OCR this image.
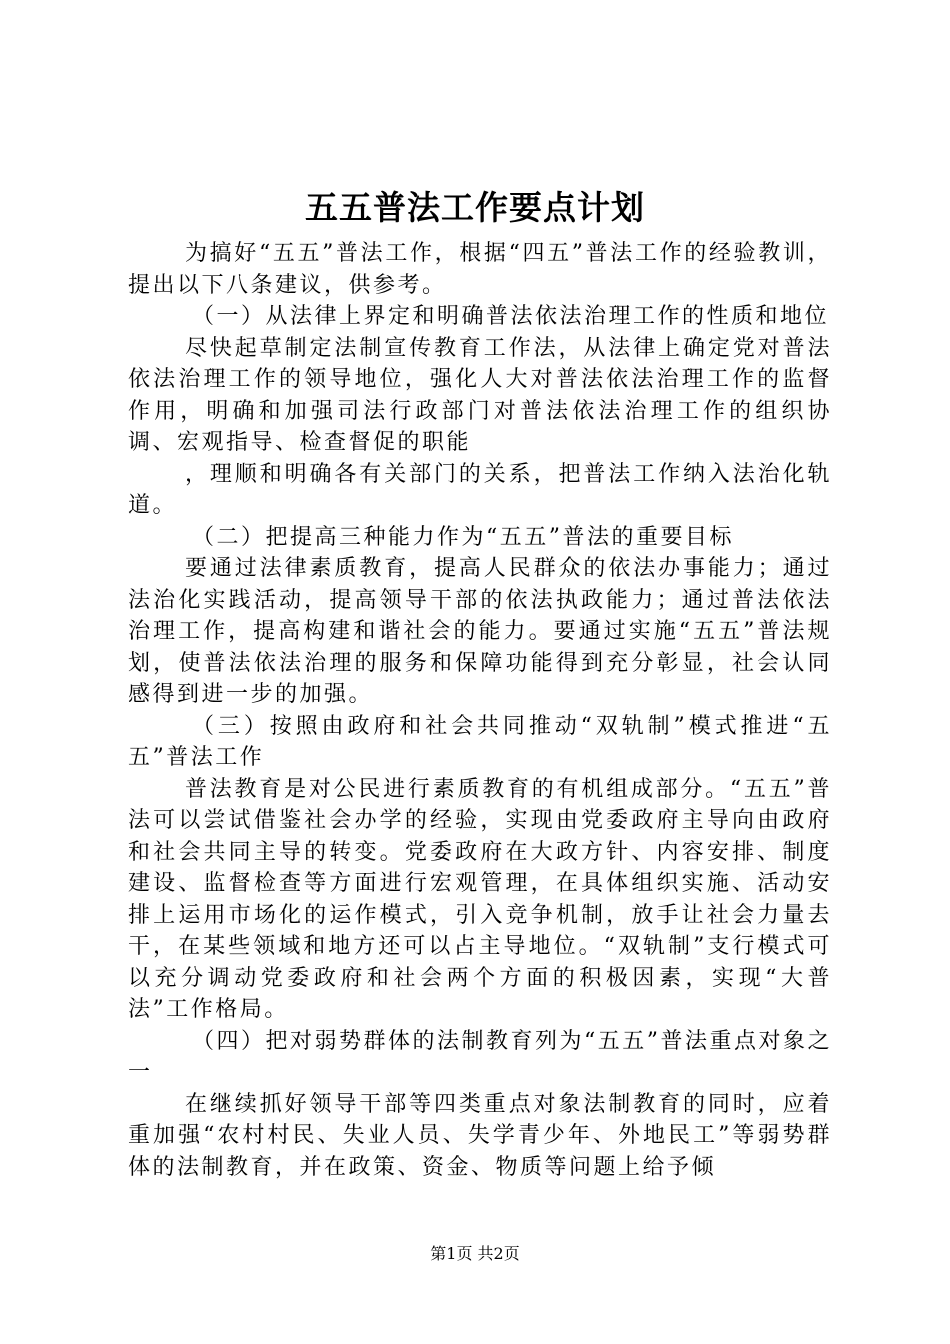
五五普法工作要点计划

为搞好“五五”普法工作，根据“四五”普法工作的经验教训，提出以下八条建议，供参考。

（一）从法律上界定和明确普法依法治理工作的性质和地位

尽快起草制定法制宣传教育工作法，从法律上确定党对普法依法治理工作的领导地位，强化人大对普法依法治理工作的监督作用，明确和加强司法行政部门对普法依法治理工作的组织协调、宏观指导、检查督促的职能

，理顺和明确各有关部门的关系，把普法工作纳入法治化轨道。

（二）把提高三种能力作为“五五”普法的重要目标

要通过法律素质教育，提高人民群众的依法办事能力；通过法治化实践活动，提高领导干部的依法执政能力；通过普法依法治理工作，提高构建和谐社会的能力。要通过实施“五五”普法规划，使普法依法治理的服务和保障功能得到充分彰显，社会认同感得到进一步的加强。

（三）按照由政府和社会共同推动“双轨制”模式推进“五五”普法工作

普法教育是对公民进行素质教育的有机组成部分。“五五”普法可以尝试借鉴社会办学的经验，实现由党委政府主导向由政府和社会共同主导的转变。党委政府在大政方针、内容安排、制度建设、监督检查等方面进行宏观管理，在具体组织实施、活动安排上运用市场化的运作模式，引入竞争机制，放手让社会力量去干，在某些领域和地方还可以占主导地位。“双轨制”支行模式可以充分调动党委政府和社会两个方面的积极因素，实现“大普法”工作格局。

（四）把对弱势群体的法制教育列为“五五”普法重点对象之一

在继续抓好领导干部等四类重点对象法制教育的同时，应着重加强“农村村民、失业人员、失学青少年、外地民工”等弱势群体的法制教育，并在政策、资金、物质等问题上给予倾

第1页 共2页
